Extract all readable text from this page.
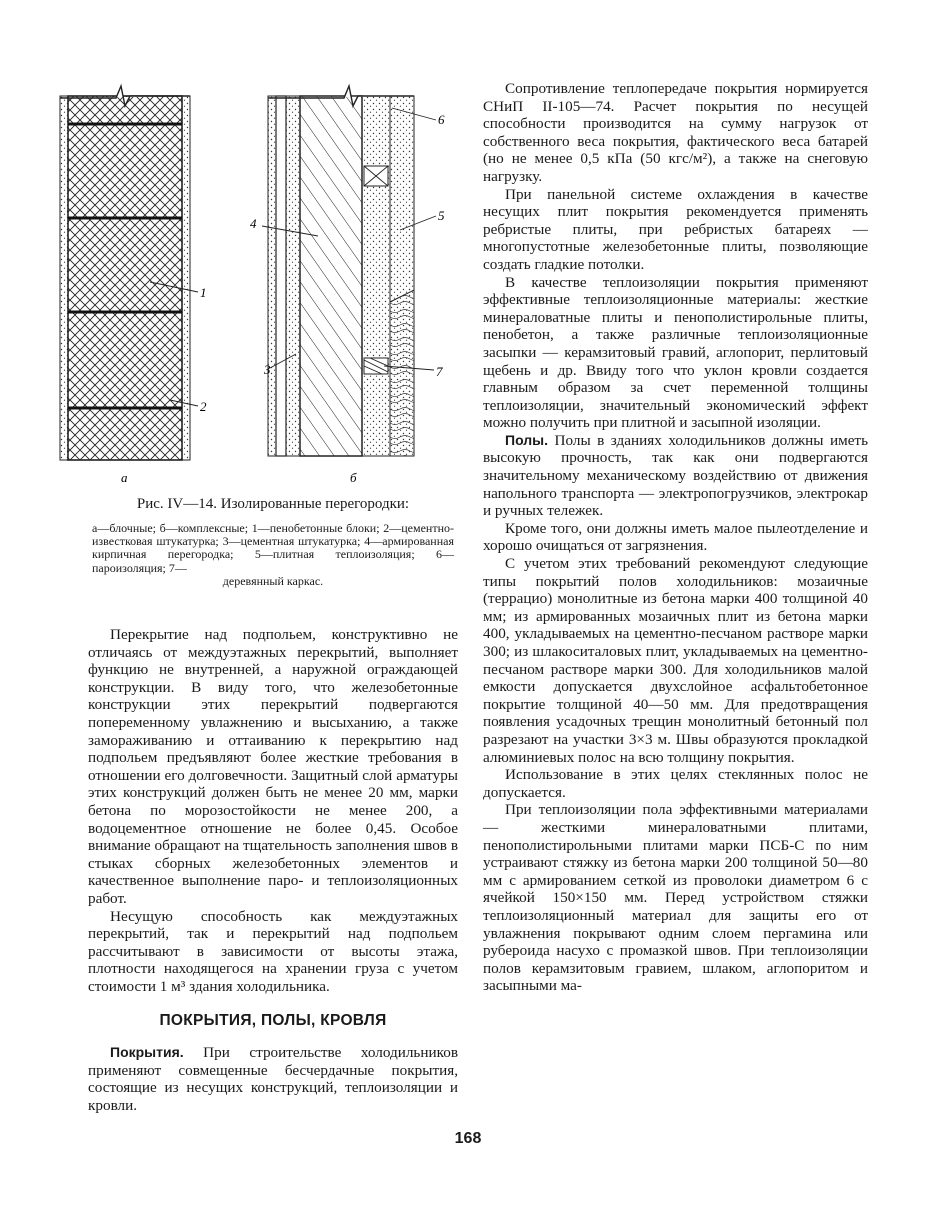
1
2
а
6
5
4
3	7
б
Рис. IV—14. Изолированные перегородки:
а—блочные; б—комплексные; 1—пенобетонные блоки; 2—цементно-известковая штукатурка; 3—цементная штукатурка; 4—армированная кирпичная перегородка; 5—плитная теплоизоляция; 6—пароизоляция; 7—
деревянный каркас.

Перекрытие над подпольем, конструктивно не отличаясь от междуэтажных перекрытий, выполняет функцию не внутренней, а наружной ограждающей конструкции. В виду того, что железобетонные конструкции этих перекрытий подвергаются попеременному увлажнению и высыханию, а также замораживанию и оттаиванию к перекрытию над подпольем предъявляют более жесткие требования в отношении его долговечности. Защитный слой арматуры этих конструкций должен быть не менее 20 мм, марки бетона по морозостойкости не менее 200, а водоцементное отношение не более 0,45. Особое внимание обращают на тщательность заполнения швов в стыках сборных железобетонных элементов и качественное выполнение паро- и теплоизоляционных работ.

Несущую способность как междуэтажных перекрытий, так и перекрытий над подпольем рассчитывают в зависимости от высоты этажа, плотности находящегося на хранении груза с учетом стоимости 1 м³ здания холодильника.

ПОКРЫТИЯ, ПОЛЫ, КРОВЛЯ

Покрытия. При строительстве холодильников применяют совмещенные бесчердачные покрытия, состоящие из несущих конструкций, теплоизоляции и кровли.

Сопротивление теплопередаче покрытия нормируется СНиП II-105—74. Расчет покрытия по несущей способности производится на сумму нагрузок от собственного веса покрытия, фактического веса батарей (но не менее 0,5 кПа (50 кгс/м²), а также на снеговую нагрузку.

При панельной системе охлаждения в качестве несущих плит покрытия рекомендуется применять ребристые плиты, при ребристых батареях — многопустотные железобетонные плиты, позволяющие создать гладкие потолки.

В качестве теплоизоляции покрытия применяют эффективные теплоизоляционные материалы: жесткие минераловатные плиты и пенополистирольные плиты, пенобетон, а также различные теплоизоляционные засыпки — керамзитовый гравий, аглопорит, перлитовый щебень и др. Ввиду того что уклон кровли создается главным образом за счет переменной толщины теплоизоляции, значительный экономический эффект можно получить при плитной и засыпной изоляции.

Полы. Полы в зданиях холодильников должны иметь высокую прочность, так как они подвергаются значительному механическому воздействию от движения напольного транспорта — электропогрузчиков, электрокар и ручных тележек.

Кроме того, они должны иметь малое пылеотделение и хорошо очищаться от загрязнения.

С учетом этих требований рекомендуют следующие типы покрытий полов холодильников: мозаичные (террацио) монолитные из бетона марки 400 толщиной 40 мм; из армированных мозаичных плит из бетона марки 400, укладываемых на цементно-песчаном растворе марки 300; из шлакоситаловых плит, укладываемых на цементно-песчаном растворе марки 300. Для холодильников малой емкости допускается двухслойное асфальтобетонное покрытие толщиной 40—50 мм. Для предотвращения появления усадочных трещин монолитный бетонный пол разрезают на участки 3×3 м. Швы образуются прокладкой алюминиевых полос на всю толщину покрытия.

Использование в этих целях стеклянных полос не допускается.

При теплоизоляции пола эффективными материалами — жесткими минераловатными плитами, пенополистирольными плитами марки ПСБ-С по ним устраивают стяжку из бетона марки 200 толщиной 50—80 мм с армированием сеткой из проволоки диаметром 6 с ячейкой 150×150 мм. Перед устройством стяжки теплоизоляционный материал для защиты его от увлажнения покрывают одним слоем пергамина или рубероида насухо с промазкой швов. При теплоизоляции полов керамзитовым гравием, шлаком, аглопоритом и засыпными ма-

168
